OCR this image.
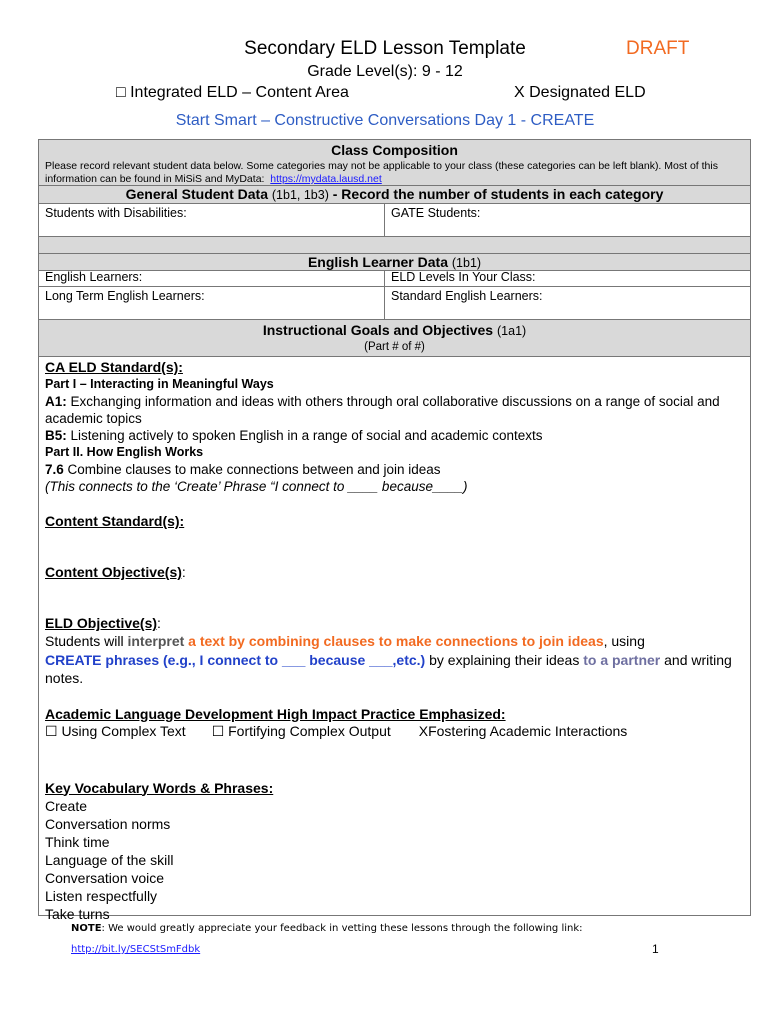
Secondary ELD Lesson Template	DRAFT
Grade Level(s): 9 - 12
□ Integrated ELD – Content Area	X Designated ELD
Start Smart – Constructive Conversations Day 1 - CREATE
Class Composition
Please record relevant student data below. Some categories may not be applicable to your class (these categories can be left blank). Most of this information can be found in MiSiS and MyData: https://mydata.lausd.net
General Student Data (1b1, 1b3) - Record the number of students in each category
Students with Disabilities:	GATE Students:
English Learner Data (1b1)
English Learners:	ELD Levels In Your Class:
Long Term English Learners:	Standard English Learners:
Instructional Goals and Objectives (1a1)
(Part # of #)
CA ELD Standard(s):
Part I – Interacting in Meaningful Ways
A1: Exchanging information and ideas with others through oral collaborative discussions on a range of social and academic topics
B5: Listening actively to spoken English in a range of social and academic contexts
Part II. How English Works
7.6 Combine clauses to make connections between and join ideas
(This connects to the ‘Create’ Phrase “I connect to ____ because____)
Content Standard(s):
Content Objective(s):
ELD Objective(s):
Students will interpret a text by combining clauses to make connections to join ideas, using
CREATE phrases (e.g., I connect to ___ because ___,etc.) by explaining their ideas to a partner and writing notes.
Academic Language Development High Impact Practice Emphasized:
☐ Using Complex Text ☐ Fortifying Complex Output XFostering Academic Interactions
Key Vocabulary Words & Phrases:
Create
Conversation norms
Think time
Language of the skill
Conversation voice
Listen respectfully
Take turns
NOTE: We would greatly appreciate your feedback in vetting these lessons through the following link:
http://bit.ly/SECStSmFdbk	1
